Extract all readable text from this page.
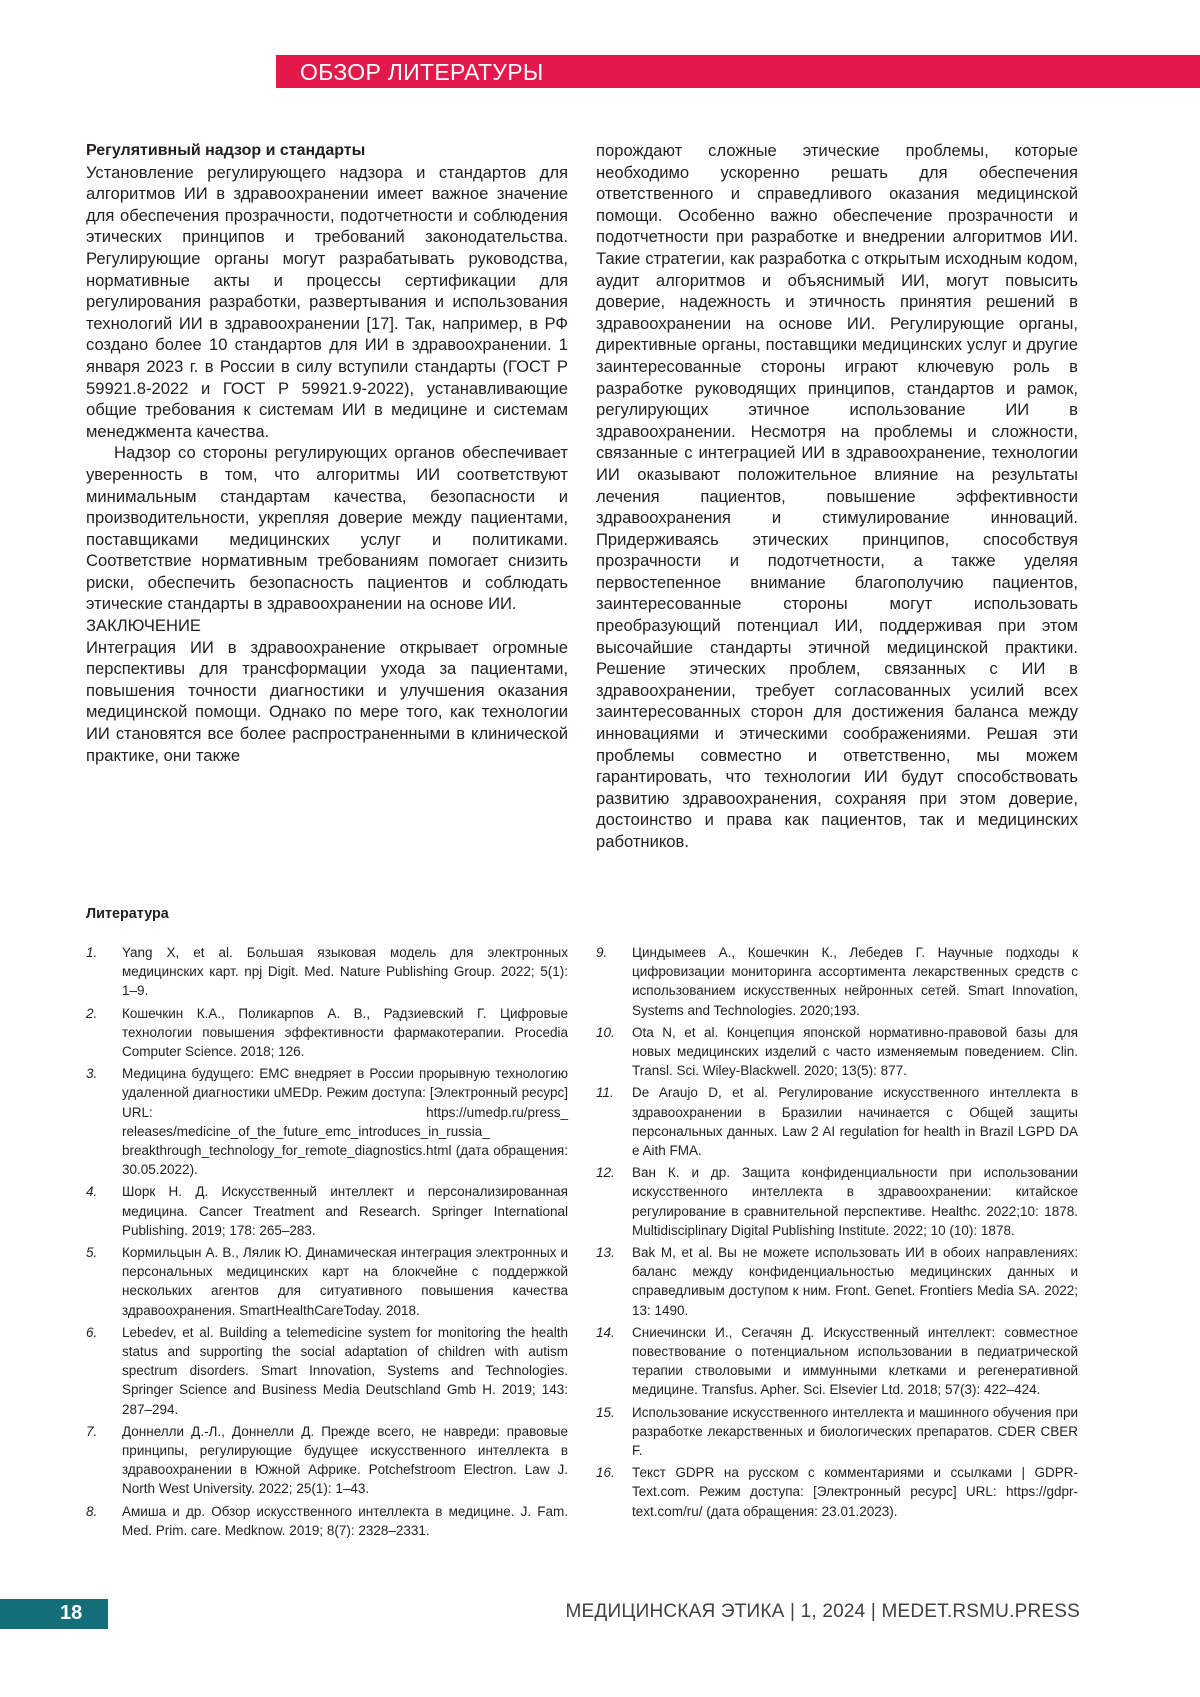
ОБЗОР ЛИТЕРАТУРЫ

Регулятивный надзор и стандарты

Установление регулирующего надзора и стандартов для алгоритмов ИИ в здравоохранении имеет важное значение для обеспечения прозрачности, подотчетности и соблюдения этических принципов и требований законодательства. Регулирующие органы могут разрабатывать руководства, нормативные акты и процессы сертификации для регулирования разработки, развертывания и использования технологий ИИ в здравоохранении [17]. Так, например, в РФ создано более 10 стандартов для ИИ в здравоохранении. 1 января 2023 г. в России в силу вступили стандарты (ГОСТ Р 59921.8-2022 и ГОСТ Р 59921.9-2022), устанавливающие общие требования к системам ИИ в медицине и системам менеджмента качества.

Надзор со стороны регулирующих органов обеспечивает уверенность в том, что алгоритмы ИИ соответствуют минимальным стандартам качества, безопасности и производительности, укрепляя доверие между пациентами, поставщиками медицинских услуг и политиками. Соответствие нормативным требованиям помогает снизить риски, обеспечить безопасность пациентов и соблюдать этические стандарты в здравоохранении на основе ИИ.

ЗАКЛЮЧЕНИЕ

Интеграция ИИ в здравоохранение открывает огромные перспективы для трансформации ухода за пациентами, повышения точности диагностики и улучшения оказания медицинской помощи. Однако по мере того, как технологии ИИ становятся все более распространенными в клинической практике, они также

порождают сложные этические проблемы, которые необходимо ускоренно решать для обеспечения ответственного и справедливого оказания медицинской помощи. Особенно важно обеспечение прозрачности и подотчетности при разработке и внедрении алгоритмов ИИ. Такие стратегии, как разработка с открытым исходным кодом, аудит алгоритмов и объяснимый ИИ, могут повысить доверие, надежность и этичность принятия решений в здравоохранении на основе ИИ. Регулирующие органы, директивные органы, поставщики медицинских услуг и другие заинтересованные стороны играют ключевую роль в разработке руководящих принципов, стандартов и рамок, регулирующих этичное использование ИИ в здравоохранении. Несмотря на проблемы и сложности, связанные с интеграцией ИИ в здравоохранение, технологии ИИ оказывают положительное влияние на результаты лечения пациентов, повышение эффективности здравоохранения и стимулирование инноваций. Придерживаясь этических принципов, способствуя прозрачности и подотчетности, а также уделяя первостепенное внимание благополучию пациентов, заинтересованные стороны могут использовать преобразующий потенциал ИИ, поддерживая при этом высочайшие стандарты этичной медицинской практики. Решение этических проблем, связанных с ИИ в здравоохранении, требует согласованных усилий всех заинтересованных сторон для достижения баланса между инновациями и этическими соображениями. Решая эти проблемы совместно и ответственно, мы можем гарантировать, что технологии ИИ будут способствовать развитию здравоохранения, сохраняя при этом доверие, достоинство и права как пациентов, так и медицинских работников.

Литература

1. Yang X, et al. Большая языковая модель для электронных медицинских карт. npj Digit. Med. Nature Publishing Group. 2022; 5(1): 1–9.
2. Кошечкин К.А., Поликарпов А. В., Радзиевский Г. Цифровые технологии повышения эффективности фармакотерапии. Procedia Computer Science. 2018; 126.
3. Медицина будущего: ЕМС внедряет в России прорывную технологию удаленной диагностики uMEDp. Режим доступа: [Электронный ресурс] URL: https://umedp.ru/press_ releases/medicine_of_the_future_emc_introduces_in_russia_ breakthrough_technology_for_remote_diagnostics.html (дата обращения: 30.05.2022).
4. Шорк Н. Д. Искусственный интеллект и персонализированная медицина. Cancer Treatment and Research. Springer International Publishing. 2019; 178: 265–283.
5. Кормильцын А. В., Лялик Ю. Динамическая интеграция электронных и персональных медицинских карт на блокчейне с поддержкой нескольких агентов для ситуативного повышения качества здравоохранения. SmartHealthCareToday. 2018.
6. Lebedev, et al. Building a telemedicine system for monitoring the health status and supporting the social adaptation of children with autism spectrum disorders. Smart Innovation, Systems and Technologies. Springer Science and Business Media Deutschland Gmb H. 2019; 143: 287–294.
7. Доннелли Д.-Л., Доннелли Д. Прежде всего, не навреди: правовые принципы, регулирующие будущее искусственного интеллекта в здравоохранении в Южной Африке. Potchefstroom Electron. Law J. North West University. 2022; 25(1): 1–43.
8. Амиша и др. Обзор искусственного интеллекта в медицине. J. Fam. Med. Prim. care. Medknow. 2019; 8(7): 2328–2331.
9. Циндымеев А., Кошечкин К., Лебедев Г. Научные подходы к цифровизации мониторинга ассортимента лекарственных средств с использованием искусственных нейронных сетей. Smart Innovation, Systems and Technologies. 2020;193.
10. Ota N, et al. Концепция японской нормативно-правовой базы для новых медицинских изделий с часто изменяемым поведением. Clin. Transl. Sci. Wiley-Blackwell. 2020; 13(5): 877.
11. De Araujo D, et al. Регулирование искусственного интеллекта в здравоохранении в Бразилии начинается с Общей защиты персональных данных. Law 2 AI regulation for health in Brazil LGPD DA e Aith FMA.
12. Ван К. и др. Защита конфиденциальности при использовании искусственного интеллекта в здравоохранении: китайское регулирование в сравнительной перспективе. Healthc. 2022;10: 1878. Multidisciplinary Digital Publishing Institute. 2022; 10 (10): 1878.
13. Bak M, et al. Вы не можете использовать ИИ в обоих направлениях: баланс между конфиденциальностью медицинских данных и справедливым доступом к ним. Front. Genet. Frontiers Media SA. 2022; 13: 1490.
14. Сниечински И., Сегачян Д. Искусственный интеллект: совместное повествование о потенциальном использовании в педиатрической терапии стволовыми и иммунными клетками и регенеративной медицине. Transfus. Apher. Sci. Elsevier Ltd. 2018; 57(3): 422–424.
15. Использование искусственного интеллекта и машинного обучения при разработке лекарственных и биологических препаратов. CDER CBER F.
16. Текст GDPR на русском с комментариями и ссылками | GDPR-Text.com. Режим доступа: [Электронный ресурс] URL: https://gdpr-text.com/ru/ (дата обращения: 23.01.2023).
18	МЕДИЦИНСКАЯ ЭТИКА | 1, 2024 | MEDET.RSMU.PRESS
